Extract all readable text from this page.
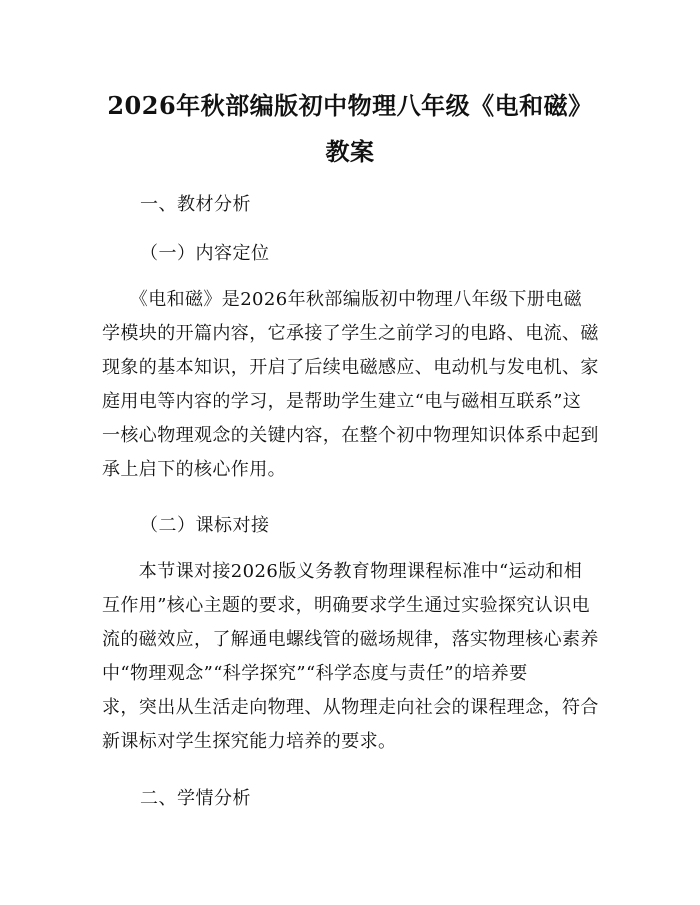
2026年秋部编版初中物理八年级《电和磁》
教案
一、教材分析
（一）内容定位
　　《电和磁》是2026年秋部编版初中物理八年级下册电磁
学模块的开篇内容，它承接了学生之前学习的电路、电流、磁
现象的基本知识，开启了后续电磁感应、电动机与发电机、家
庭用电等内容的学习，是帮助学生建立“电与磁相互联系”这
一核心物理观念的关键内容，在整个初中物理知识体系中起到
承上启下的核心作用。
（二）课标对接
　　本节课对接2026版义务教育物理课程标准中“运动和相
互作用”核心主题的要求，明确要求学生通过实验探究认识电
流的磁效应，了解通电螺线管的磁场规律，落实物理核心素养
中“物理观念”“科学探究”“科学态度与责任”的培养要
求，突出从生活走向物理、从物理走向社会的课程理念，符合
新课标对学生探究能力培养的要求。
二、学情分析
